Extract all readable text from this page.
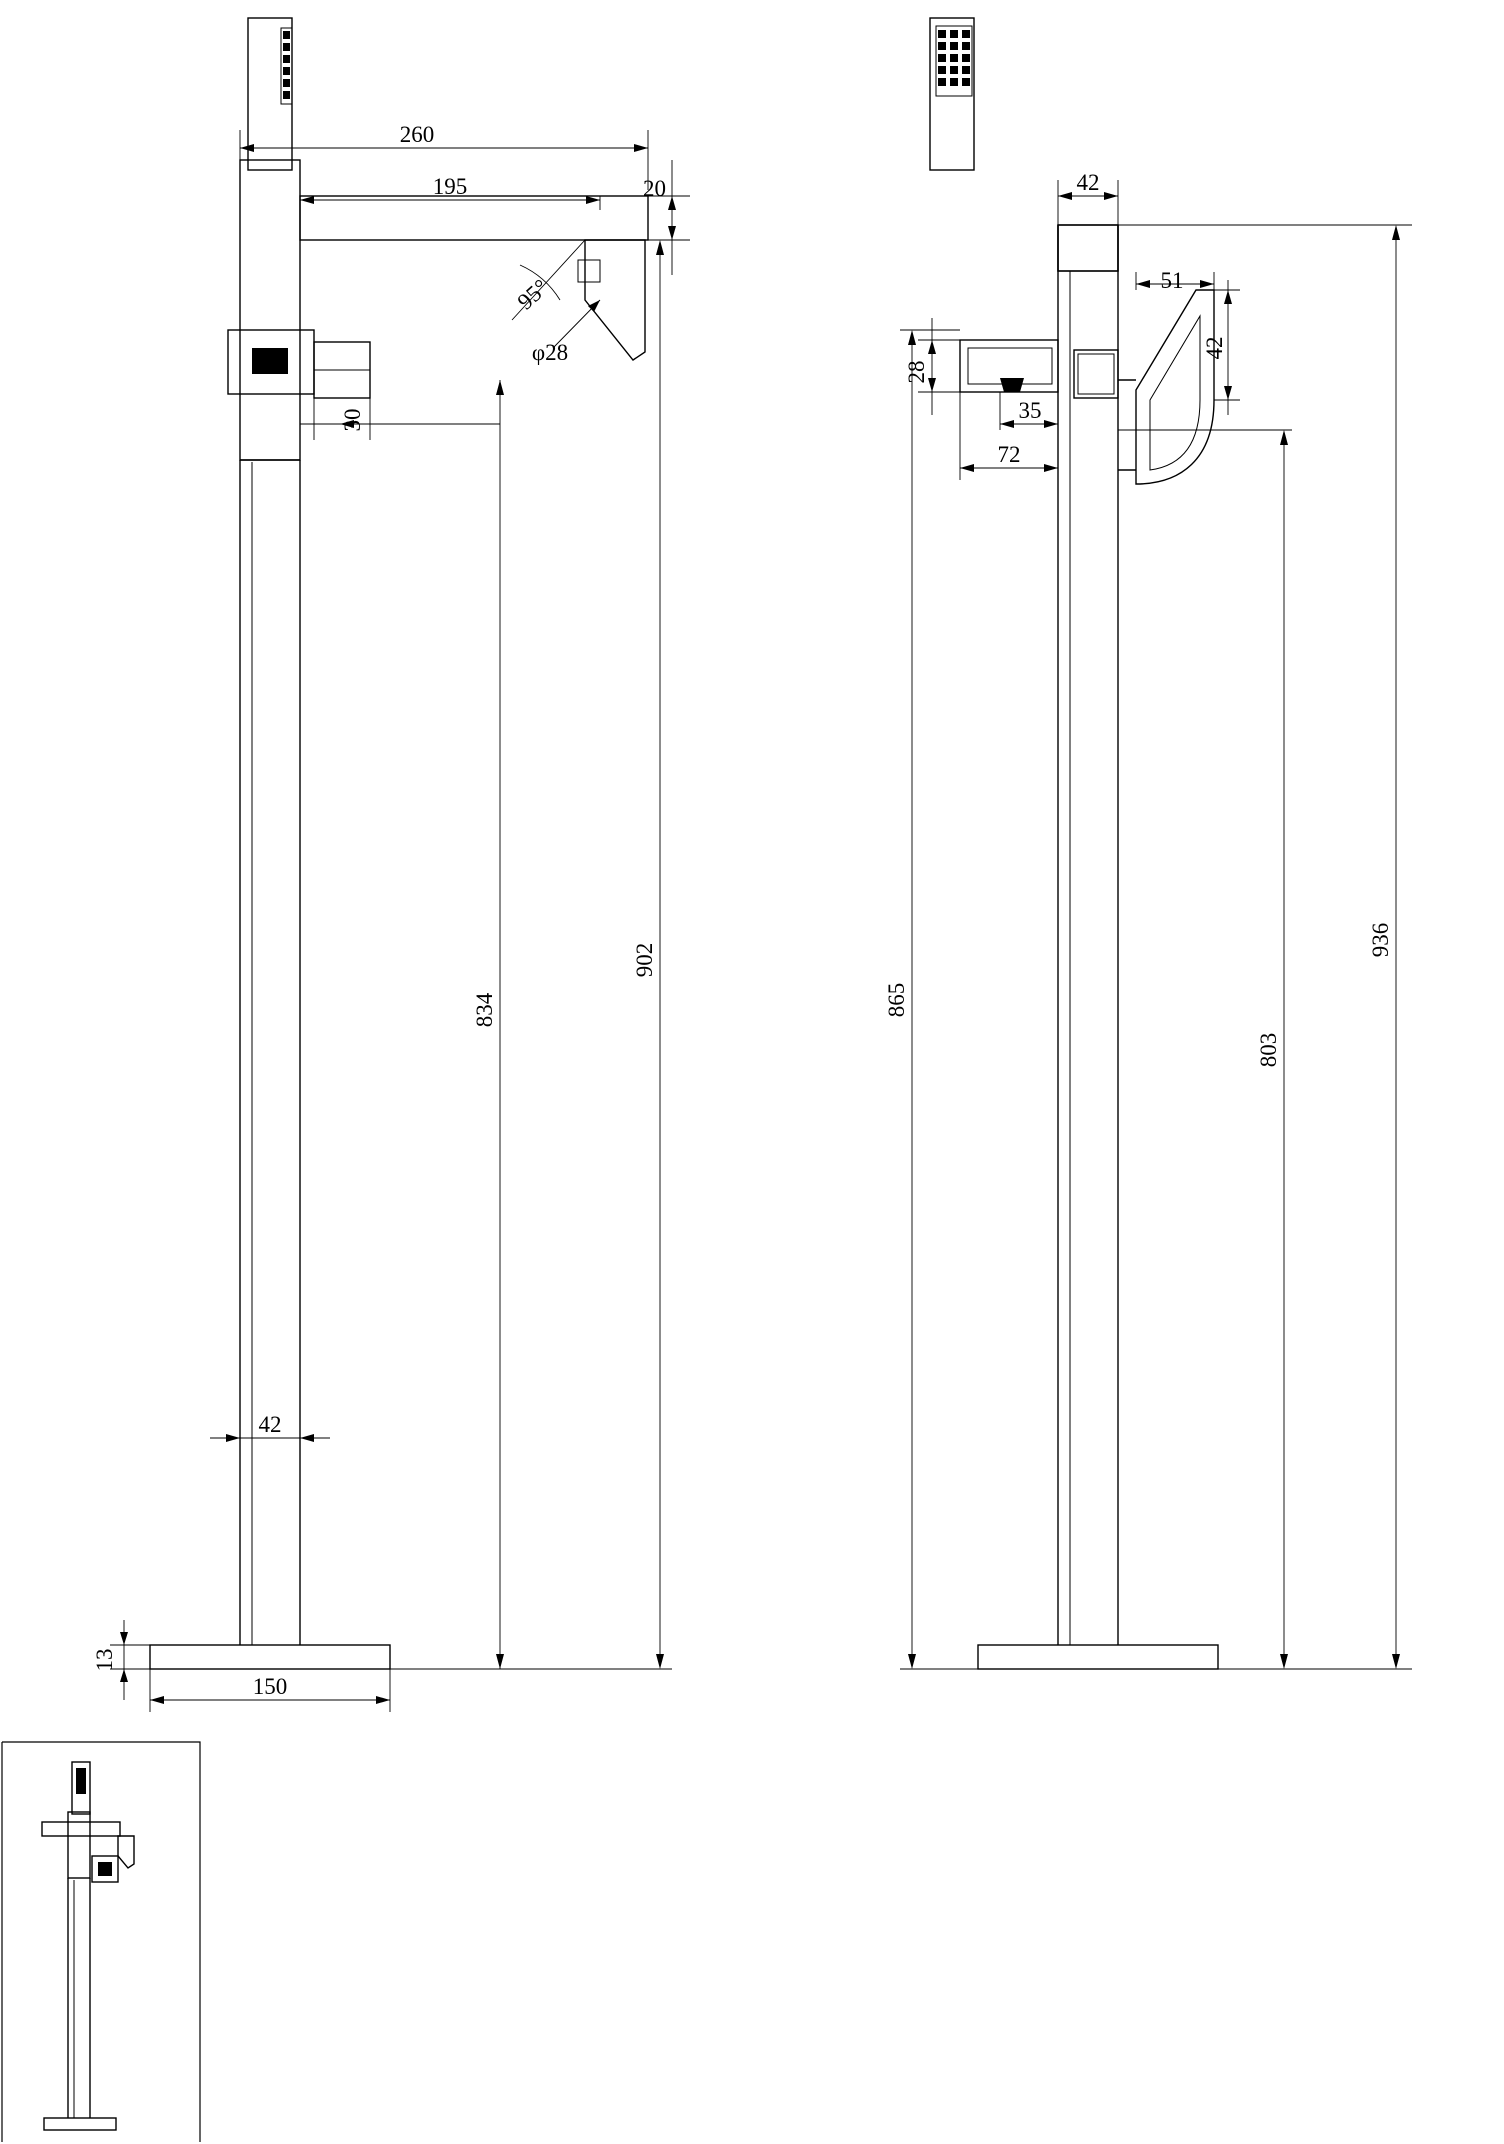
260
195	20
95°
φ28
30
902
834
42
13
150
42
51
42
28
35
72
865
803
936
